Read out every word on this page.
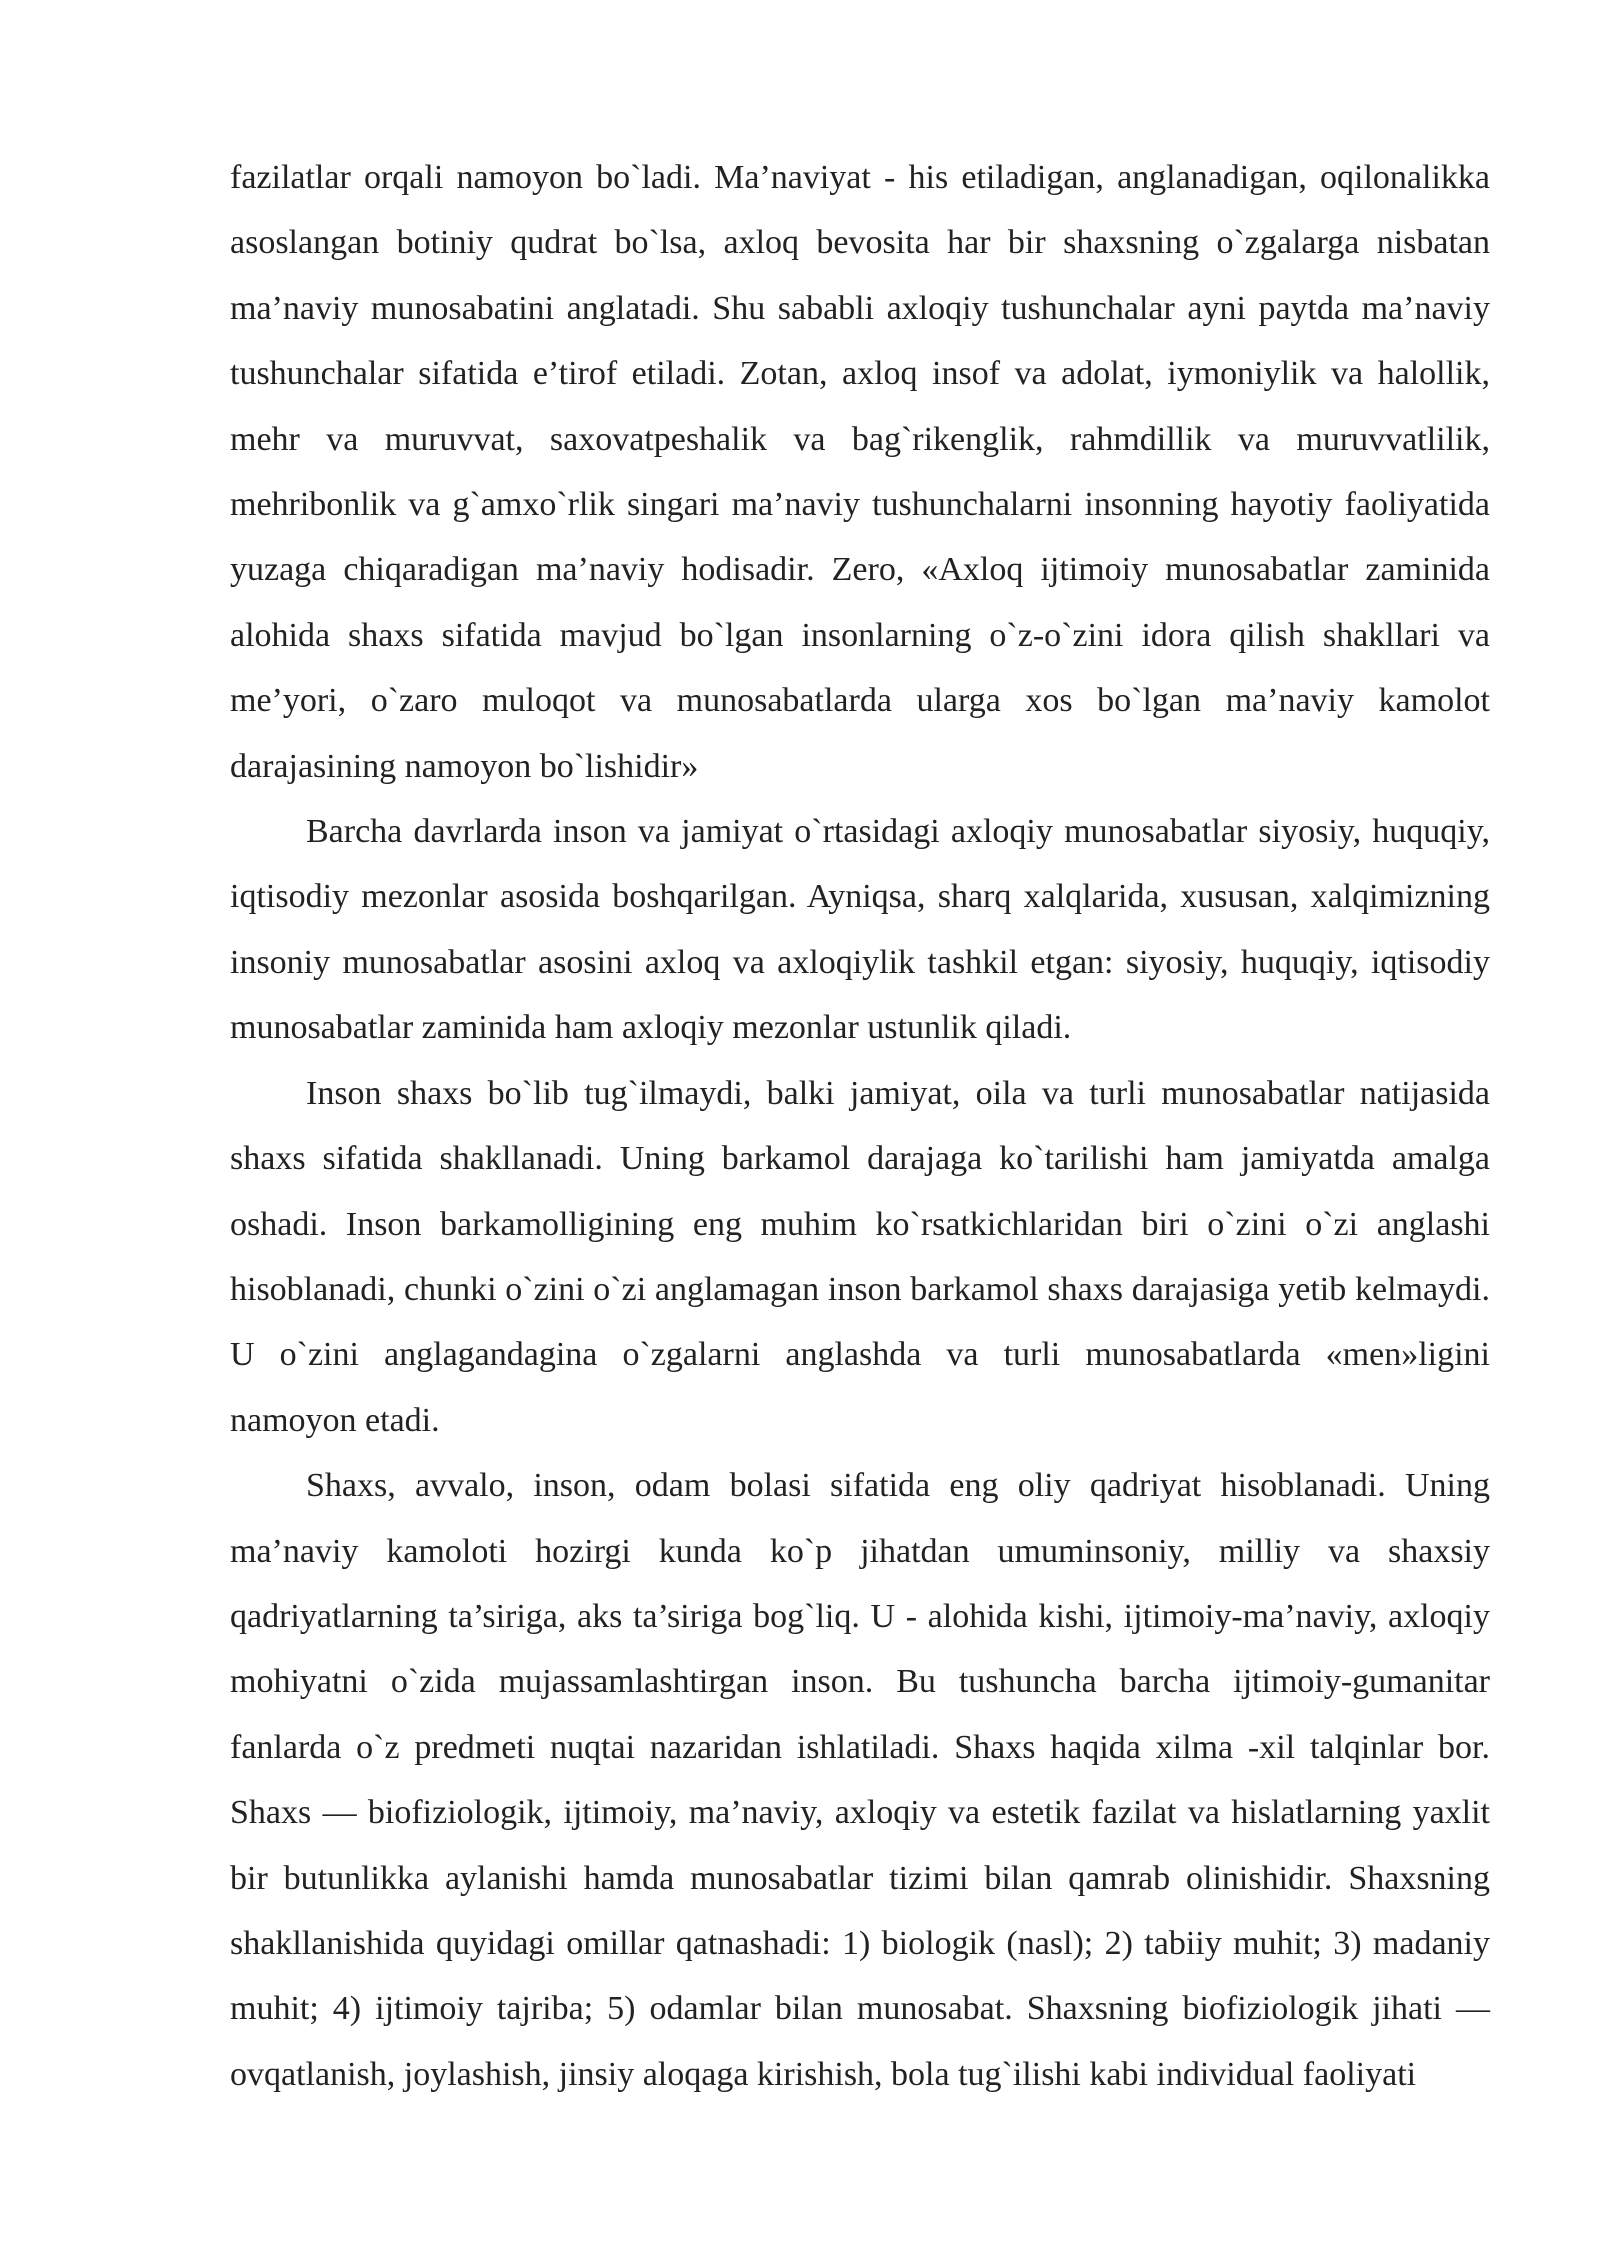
fazilatlar orqali namoyon bo`ladi. Ma’naviyat - his etiladigan, anglanadigan, oqilonalikka asoslangan botiniy qudrat bo`lsa, axloq bevosita har bir shaxsning o`zgalarga nisbatan ma’naviy munosabatini anglatadi. Shu sababli axloqiy tushunchalar ayni paytda ma’naviy tushunchalar sifatida e’tirof etiladi. Zotan, axloq insof va adolat, iymoniylik va halollik, mehr va muruvvat, saxovatpeshalik va bag`rikenglik, rahmdillik va muruvvatlilik, mehribonlik va g`amxo`rlik singari ma’naviy tushunchalarni insonning hayotiy faoliyatida yuzaga chiqaradigan ma’naviy hodisadir. Zero, «Axloq ijtimoiy munosabatlar zaminida alohida shaxs sifatida mavjud bo`lgan insonlarning o`z-o`zini idora qilish shakllari va me’yori, o`zaro muloqot va munosabatlarda ularga xos bo`lgan ma’naviy kamolot darajasining namoyon bo`lishidir»

Barcha davrlarda inson va jamiyat o`rtasidagi axloqiy munosabatlar siyosiy, huquqiy, iqtisodiy mezonlar asosida boshqarilgan. Ayniqsa, sharq xalqlarida, xususan, xalqimizning insoniy munosabatlar asosini axloq va axloqiylik tashkil etgan: siyosiy, huquqiy, iqtisodiy munosabatlar zaminida ham axloqiy mezonlar ustunlik qiladi.

Inson shaxs bo`lib tug`ilmaydi, balki jamiyat, oila va turli munosabatlar natijasida shaxs sifatida shakllanadi. Uning barkamol darajaga ko`tarilishi ham jamiyatda amalga oshadi. Inson barkamolligining eng muhim ko`rsatkichlaridan biri o`zini o`zi anglashi hisoblanadi, chunki o`zini o`zi anglamagan inson barkamol shaxs darajasiga yetib kelmaydi. U o`zini anglagandagina o`zgalarni anglashda va turli munosabatlarda «men»ligini namoyon etadi.

Shaxs, avvalo, inson, odam bolasi sifatida eng oliy qadriyat hisoblanadi. Uning ma’naviy kamoloti hozirgi kunda ko`p jihatdan umuminsoniy, milliy va shaxsiy qadriyatlarning ta’siriga, aks ta’siriga bog`liq. U - alohida kishi, ijtimoiy-ma’naviy, axloqiy mohiyatni o`zida mujassamlashtirgan inson. Bu tushuncha barcha ijtimoiy-gumanitar fanlarda o`z predmeti nuqtai nazaridan ishlatiladi. Shaxs haqida xilma -xil talqinlar bor. Shaxs — biofiziologik, ijtimoiy, ma’naviy, axloqiy va estetik fazilat va hislatlarning yaxlit bir butunlikka aylanishi hamda munosabatlar tizimi bilan qamrab olinishidir. Shaxsning shakllanishida quyidagi omillar qatnashadi: 1) biologik (nasl); 2) tabiiy muhit; 3) madaniy muhit; 4) ijtimoiy tajriba; 5) odamlar bilan munosabat. Shaxsning biofiziologik jihati — ovqatlanish, joylashish, jinsiy aloqaga kirishish, bola tug`ilishi kabi individual faoliyati
